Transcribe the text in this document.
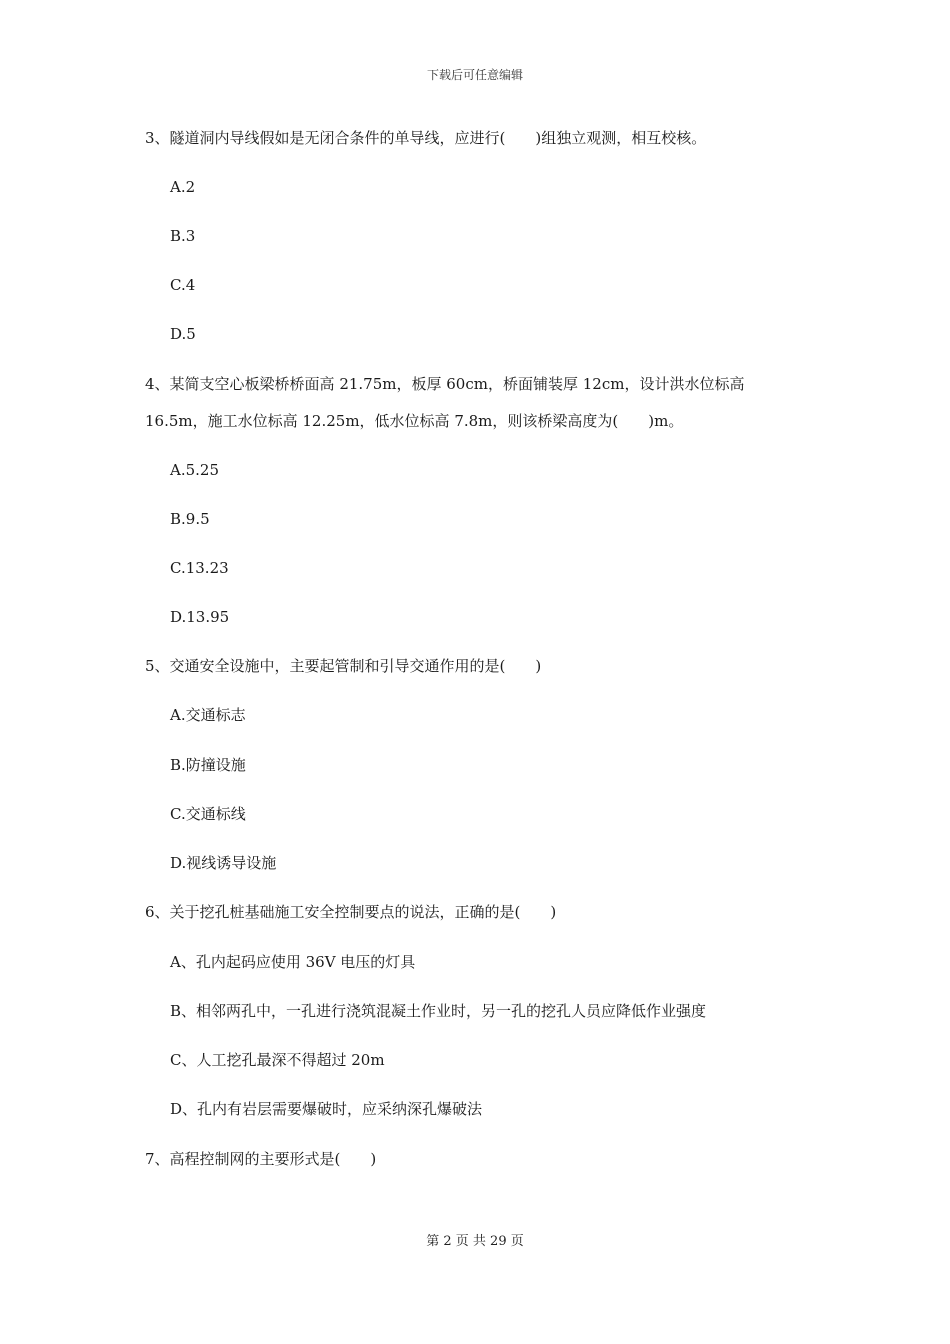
下载后可任意编辑
3、隧道洞内导线假如是无闭合条件的单导线，应进行(　　)组独立观测，相互校核。
A.2
B.3
C.4
D.5
4、某简支空心板梁桥桥面高 21.75m，板厚 60cm，桥面铺装厚 12cm，设计洪水位标高
16.5m，施工水位标高 12.25m，低水位标高 7.8m，则该桥梁高度为(　　)m。
A.5.25
B.9.5
C.13.23
D.13.95
5、交通安全设施中，主要起管制和引导交通作用的是(　　)
A.交通标志
B.防撞设施
C.交通标线
D.视线诱导设施
6、关于挖孔桩基础施工安全控制要点的说法，正确的是(　　)
A、孔内起码应使用 36V 电压的灯具
B、相邻两孔中，一孔进行浇筑混凝土作业时，另一孔的挖孔人员应降低作业强度
C、人工挖孔最深不得超过 20m
D、孔内有岩层需要爆破时，应采纳深孔爆破法
7、高程控制网的主要形式是(　　)
第 2 页 共 29 页
